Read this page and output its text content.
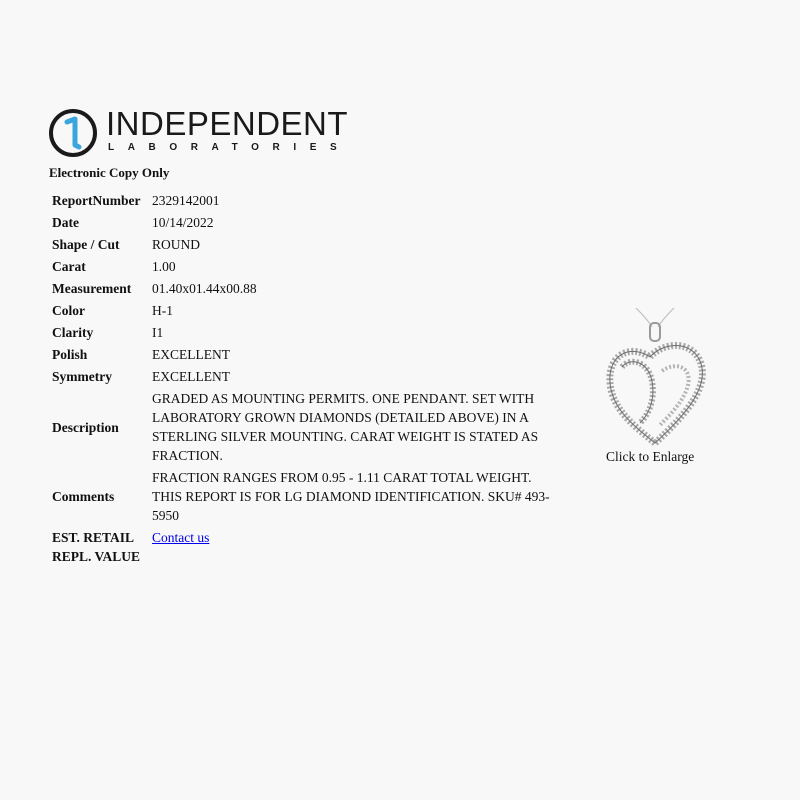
INDEPENDENT
LABORATORIES
Electronic Copy Only
ReportNumber	2329142001
Date	10/14/2022
Shape / Cut	ROUND
Carat	1.00
Measurement	01.40x01.44x00.88
Color	H-1
Clarity	I1
Polish	EXCELLENT
Symmetry	EXCELLENT
Description	GRADED AS MOUNTING PERMITS. ONE PENDANT. SET WITH LABORATORY GROWN DIAMONDS (DETAILED ABOVE) IN A STERLING SILVER MOUNTING. CARAT WEIGHT IS STATED AS FRACTION.
Comments	FRACTION RANGES FROM 0.95 - 1.11 CARAT TOTAL WEIGHT. THIS REPORT IS FOR LG DIAMOND IDENTIFICATION. SKU# 493-5950
EST. RETAIL
REPL. VALUE	Contact us
Click to Enlarge
